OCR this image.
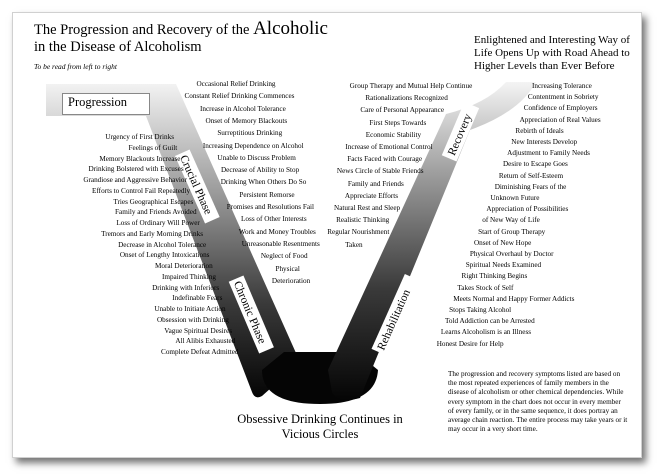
Progression
Crucial Phase
Chronic Phase
Recovery
Rehabilitation
The Progression and Recovery of the Alcoholic
in the Disease of Alcoholism
To be read from left to right
Enlightened and Interesting Way of Life Opens Up with Road Ahead to Higher Levels than Ever Before
Obsessive Drinking Continues in Vicious Circles
The progression and recovery symptoms listed are based on the most repeated experiences of family members in the disease of alcoholism or other chemical dependencies. While every symptom in the chart does not occur in every member of every family, or in the same sequence, it does portray an average chain reaction. The entire process may take years or it may occur in a very short time.
Urgency of First Drinks
Feelings of Guilt
Memory Blackouts Increase
Drinking Bolstered with Excuses
Grandiose and Aggressive Behavior
Efforts to Control Fail Repeatedly
Tries Geographical Escapes
Family and Friends Avoided
Loss of Ordinary Will Power
Tremors and Early Morning Drinks
Decrease in Alcohol Tolerance
Onset of Lengthy Intoxications
Moral Deterioration
Impaired Thinking
Drinking with Inferiors
Indefinable Fears
Unable to Initiate Action
Obsession with Drinking
Vague Spiritual Desires
All Alibis Exhausted
Complete Defeat Admitted
Occasional Relief Drinking
Constant Relief Drinking Commences
Increase in Alcohol Tolerance
Onset of Memory Blackouts
Surreptitious Drinking
Increasing Dependence on Alcohol
Unable to Discuss Problem
Decrease of Ability to Stop
Drinking When Others Do So
Persistent Remorse
Promises and Resolutions Fail
Loss of Other Interests
Work and Money Troubles
Unreasonable Resentments
Neglect of Food
Physical
Deterioration
Group Therapy and Mutual Help Continue
Rationalizations Recognized
Care of Personal Appearance
First Steps Towards
Economic Stability
Increase of Emotional Control
Facts Faced with Courage
News Circle of Stable Friends
Family and Friends
Appreciate Efforts
Natural Rest and Sleep
Realistic Thinking
Regular Nourishment
Taken
Increasing Tolerance
Contentment in Sobriety
Confidence of Employers
Appreciation of Real Values
Rebirth of Ideals
New Interests Develop
Adjustment to Family Needs
Desire to Escape Goes
Return of Self-Esteem
Diminishing Fears of the
Unknown Future
Appreciation of Possibilities
of New Way of Life
Start of Group Therapy
Onset of New Hope
Physical Overhaul by Doctor
Spiritual Needs Examined
Right Thinking Begins
Takes Stock of Self
Meets Normal and Happy Former Addicts
Stops Taking Alcohol
Told Addiction can be Arrested
Learns Alcoholism is an Illness
Honest Desire for Help
